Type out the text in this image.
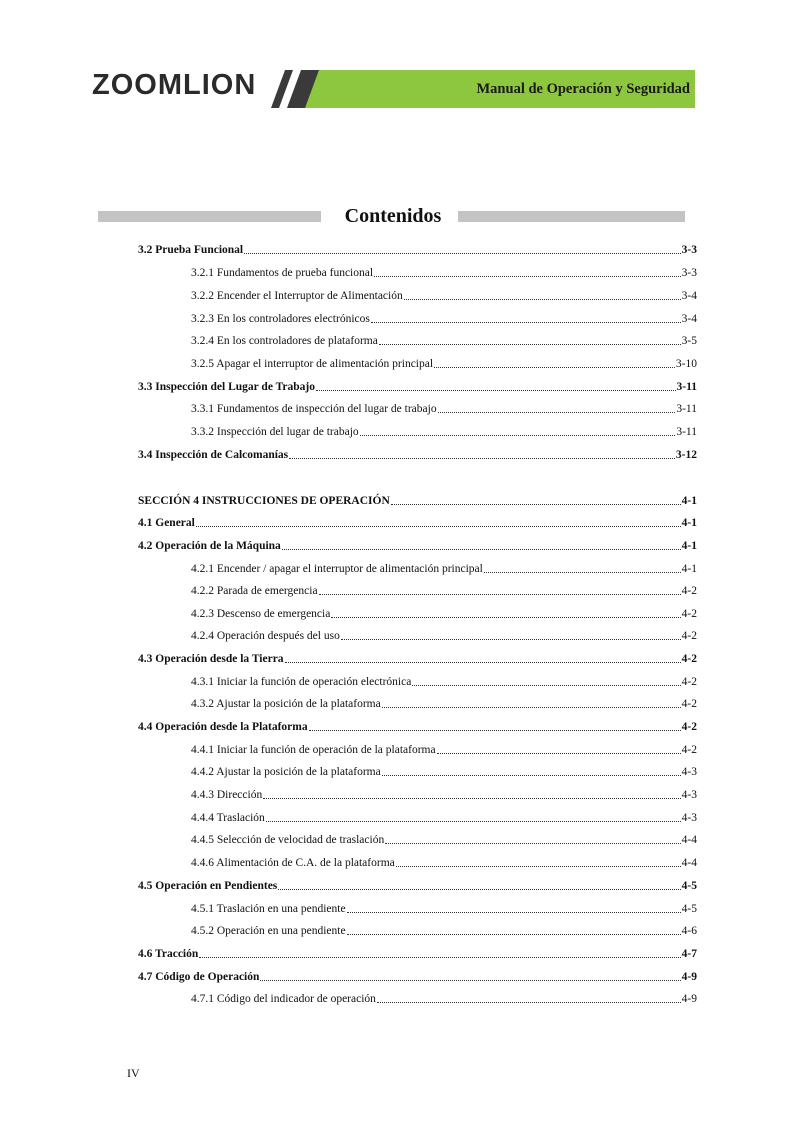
ZOOMLION	Manual de Operación y Seguridad
Contenidos
3.2 Prueba Funcional	3-3
3.2.1 Fundamentos de prueba funcional	3-3
3.2.2 Encender el Interruptor de Alimentación	3-4
3.2.3 En los controladores electrónicos	3-4
3.2.4 En los controladores de plataforma	3-5
3.2.5 Apagar el interruptor de alimentación principal	3-10
3.3 Inspección del Lugar de Trabajo	3-11
3.3.1 Fundamentos de inspección del lugar de trabajo	3-11
3.3.2 Inspección del lugar de trabajo	3-11
3.4 Inspección de Calcomanías	3-12
SECCIÓN 4 INSTRUCCIONES DE OPERACIÓN	4-1
4.1 General	4-1
4.2 Operación de la Máquina	4-1
4.2.1 Encender / apagar el interruptor de alimentación principal	4-1
4.2.2 Parada de emergencia	4-2
4.2.3 Descenso de emergencia	4-2
4.2.4 Operación después del uso	4-2
4.3 Operación desde la Tierra	4-2
4.3.1 Iniciar la función de operación electrónica	4-2
4.3.2 Ajustar la posición de la plataforma	4-2
4.4 Operación desde la Plataforma	4-2
4.4.1 Iniciar la función de operación de la plataforma	4-2
4.4.2 Ajustar la posición de la plataforma	4-3
4.4.3 Dirección	4-3
4.4.4 Traslación	4-3
4.4.5 Selección de velocidad de traslación	4-4
4.4.6 Alimentación de C.A. de la plataforma	4-4
4.5 Operación en Pendientes	4-5
4.5.1 Traslación en una pendiente	4-5
4.5.2 Operación en una pendiente	4-6
4.6 Tracción	4-7
4.7 Código de Operación	4-9
4.7.1 Código del indicador de operación	4-9
IV
